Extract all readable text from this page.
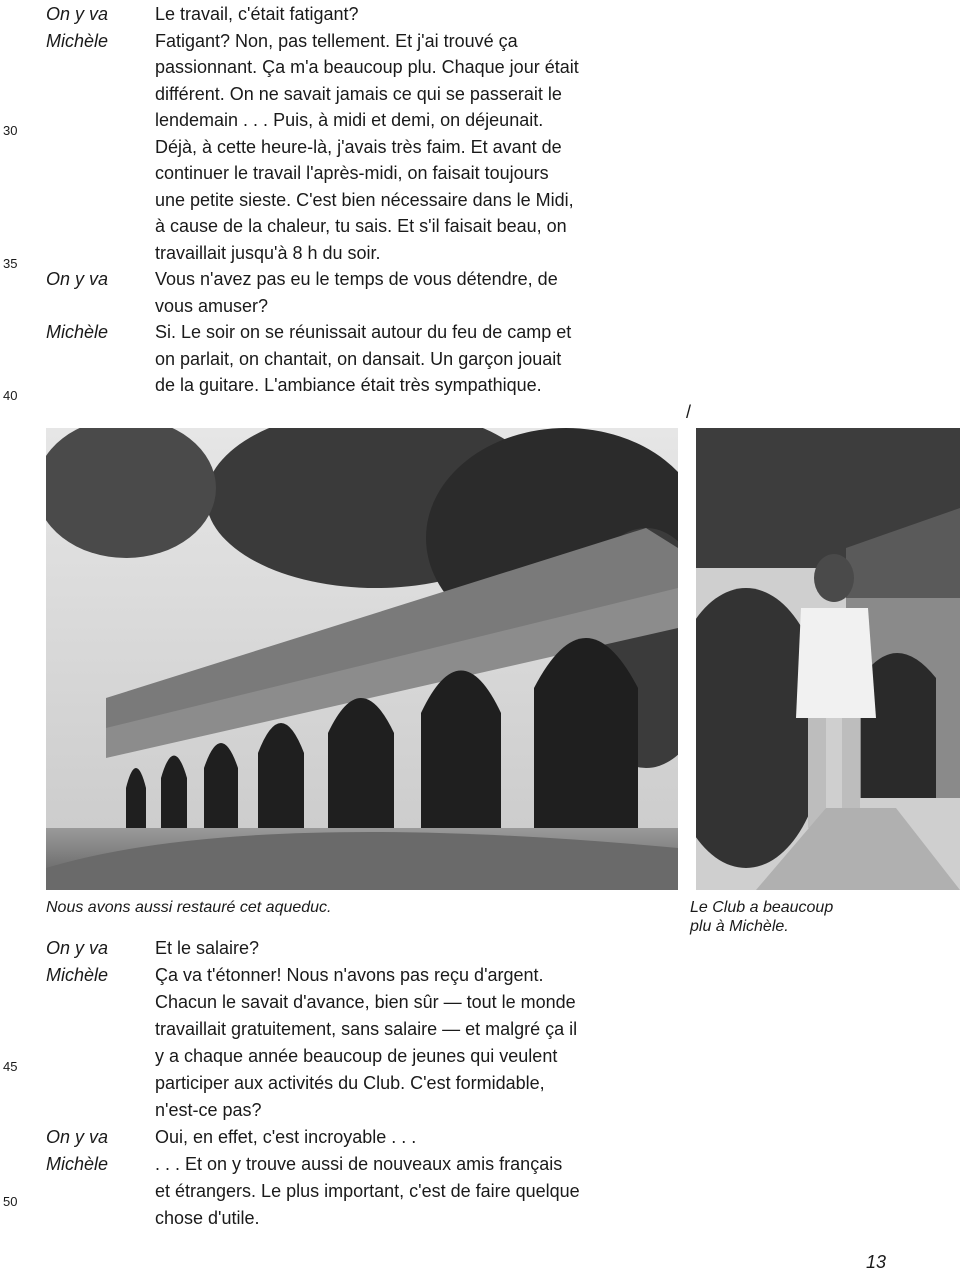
On y va	Le travail, c'était fatigant?
Michèle	Fatigant? Non, pas tellement. Et j'ai trouvé ça
passionnant. Ça m'a beaucoup plu. Chaque jour était
différent. On ne savait jamais ce qui se passerait le
30
lendemain . . . Puis, à midi et demi, on déjeunait.
Déjà, à cette heure-là, j'avais très faim. Et avant de
continuer le travail l'après-midi, on faisait toujours
une petite sieste. C'est bien nécessaire dans le Midi,
à cause de la chaleur, tu sais. Et s'il faisait beau, on
35
travaillait jusqu'à 8 h du soir.
On y va	Vous n'avez pas eu le temps de vous détendre, de
vous amuser?
Michèle	Si. Le soir on se réunissait autour du feu de camp et
on parlait, on chantait, on dansait. Un garçon jouait
40
de la guitare. L'ambiance était très sympathique.
/
Nous avons aussi restauré cet aqueduc.	Le Club a beaucoup
plu à Michèle.
On y va	Et le salaire?
Michèle	Ça va t'étonner! Nous n'avons pas reçu d'argent.
Chacun le savait d'avance, bien sûr — tout le monde
travaillait gratuitement, sans salaire — et malgré ça il
45
y a chaque année beaucoup de jeunes qui veulent
participer aux activités du Club. C'est formidable,
n'est-ce pas?
On y va	Oui, en effet, c'est incroyable . . .
Michèle	. . . Et on y trouve aussi de nouveaux amis français
50
et étrangers. Le plus important, c'est de faire quelque
chose d'utile.
13
